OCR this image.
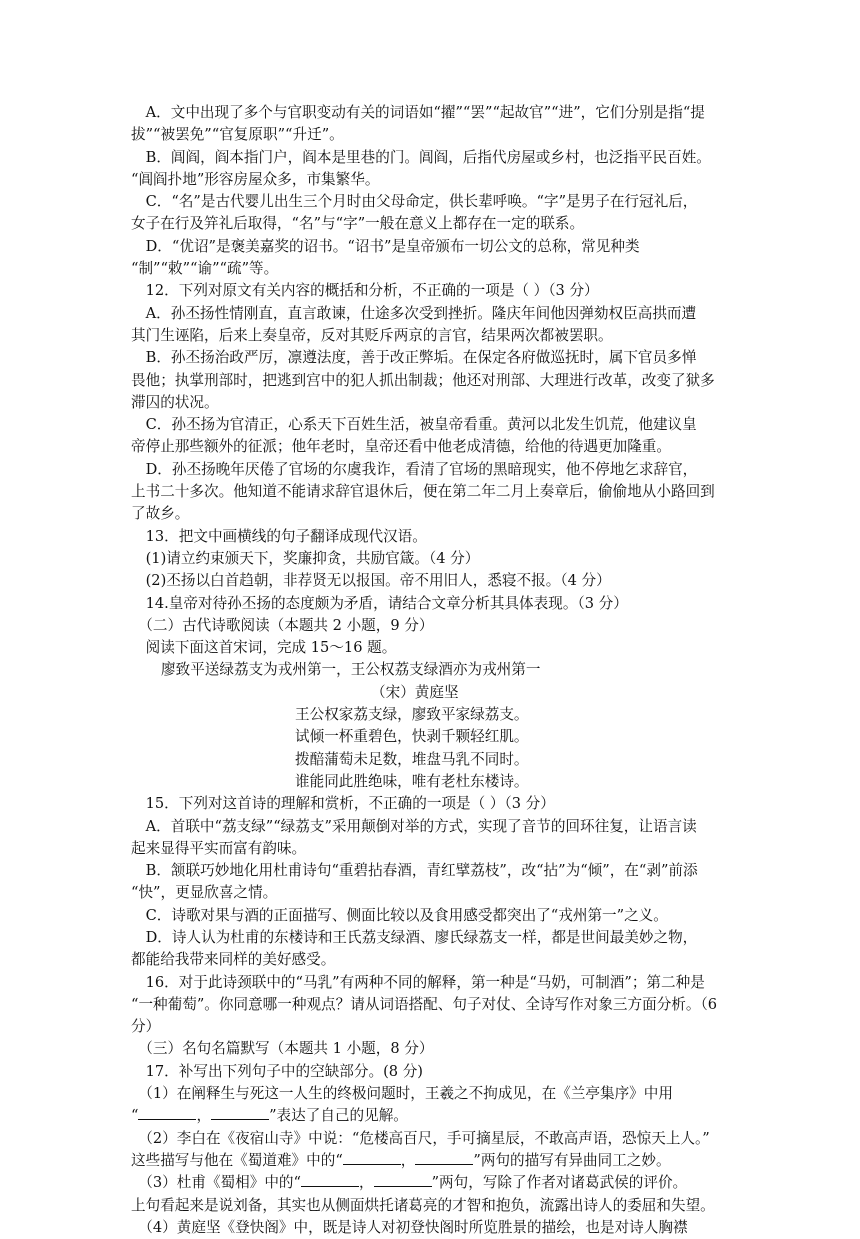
　A．文中出现了多个与官职变动有关的词语如“擢”“罢”“起故官”“进”，它们分别是指“提
拔”“被罢免”“官复原职”“升迁”。
　B．阊阎，阎本指门户，阎本是里巷的门。阊阎，后指代房屋或乡村，也泛指平民百姓。
“阊阎扑地”形容房屋众多，市集繁华。
　C．“名”是古代婴儿出生三个月时由父母命定，供长辈呼唤。“字”是男子在行冠礼后，
女子在行及笄礼后取得，“名”与“字”一般在意义上都存在一定的联系。
　D．“优诏”是褒美嘉奖的诏书。“诏书”是皇帝颁布一切公文的总称，常见种类
“制”“敕”“谕”“疏”等。
　12．下列对原文有关内容的概括和分析，不正确的一项是（ ）（3 分）
　A．孙丕扬性情刚直，直言敢谏，仕途多次受到挫折。隆庆年间他因弹劾权臣高拱而遭
其门生诬陷，后来上奏皇帝，反对其贬斥两京的言官，结果两次都被罢职。
　B．孙丕扬治政严厉，凛遵法度，善于改正弊垢。在保定各府做巡抚时，属下官员多惮
畏他；执掌刑部时，把逃到宫中的犯人抓出制裁；他还对刑部、大理进行改革，改变了狱多
滞囚的状况。
　C．孙丕扬为官清正，心系天下百姓生活，被皇帝看重。黄河以北发生饥荒，他建议皇
帝停止那些额外的征派；他年老时，皇帝还看中他老成清德，给他的待遇更加隆重。
　D．孙丕扬晚年厌倦了官场的尔虞我诈，看清了官场的黑暗现实，他不停地乞求辞官，
上书二十多次。他知道不能请求辞官退休后，便在第二年二月上奏章后，偷偷地从小路回到
了故乡。
　13．把文中画横线的句子翻译成现代汉语。
　(1)请立约束颁天下，奖廉抑贪，共励官箴。（4 分）
　(2)丕扬以白首趋朝，非荐贤无以报国。帝不用旧人，悉寝不报。（4 分）
　14.皇帝对待孙丕扬的态度颇为矛盾，请结合文章分析其具体表现。（3 分）
　（二）古代诗歌阅读（本题共 2 小题，9 分）
　阅读下面这首宋词，完成 15～16 题。
廖致平送绿荔支为戎州第一，王公权荔支绿酒亦为戎州第一
（宋）黄庭坚
王公权家荔支绿，廖致平家绿荔支。
试倾一杯重碧色，快剥千颗轻红肌。
拨醅蒲萄未足数，堆盘马乳不同时。
谁能同此胜绝味，唯有老杜东楼诗。
　15．下列对这首诗的理解和赏析，不正确的一项是（ ）（3 分）
　A．首联中“荔支绿”“绿荔支”采用颠倒对举的方式，实现了音节的回环往复，让语言读
起来显得平实而富有韵味。
　B．颔联巧妙地化用杜甫诗句“重碧拈春酒，青红擘荔枝”，改“拈”为“倾”，在“剥”前添
“快”，更显欣喜之情。
　C．诗歌对果与酒的正面描写、侧面比较以及食用感受都突出了“戎州第一”之义。
　D．诗人认为杜甫的东楼诗和王氏荔支绿酒、廖氏绿荔支一样，都是世间最美妙之物，
都能给我带来同样的美好感受。
　16．对于此诗颈联中的“马乳”有两种不同的解释，第一种是“马奶，可制酒”；第二种是
“一种葡萄”。你同意哪一种观点？请从词语搭配、句子对仗、全诗写作对象三方面分析。（6
分）
　（三）名句名篇默写（本题共 1 小题，8 分）
　17．补写出下列句子中的空缺部分。(8 分)
　（1）在阐释生与死这一人生的终极问题时，王羲之不拘成见，在《兰亭集序》中用
“	，	”表达了自己的见解。
　（2）李白在《夜宿山寺》中说：“危楼高百尺，手可摘星辰，不敢高声语，恐惊天上人。”
这些描写与他在《蜀道难》中的“	，	”两句的描写有异曲同工之妙。
　（3）杜甫《蜀相》中的“	，	”两句，写除了作者对诸葛武侯的评价。
上句看起来是说刘备，其实也从侧面烘托诸葛亮的才智和抱负，流露出诗人的委屈和失望。
　（4）黄庭坚《登快阁》中，既是诗人对初登快阁时所览胜景的描绘，也是对诗人胸襟
